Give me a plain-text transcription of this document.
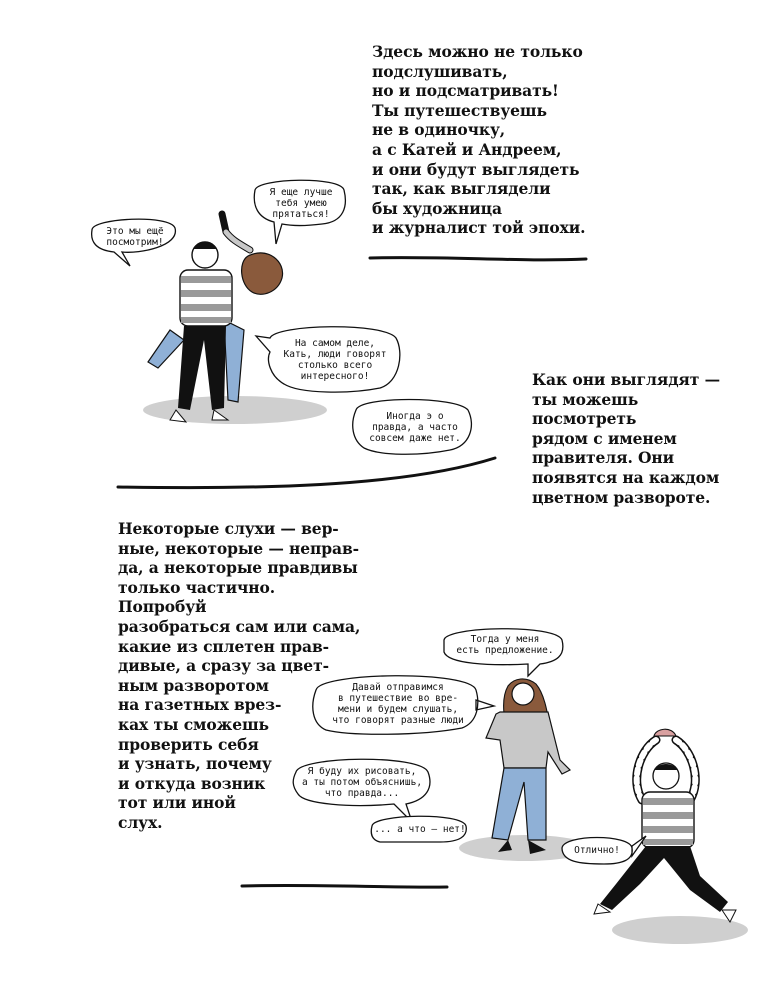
Здесь можно не только
подслушивать,
но и подсматривать!
Ты путешествуешь
не в одиночку,
а с Катей и Андреем,
и они будут выглядеть
так, как выглядели
бы художница
и журналист той эпохи.
Как они выглядят —
ты можешь
посмотреть
рядом с именем
правителя. Они
появятся на каждом
цветном развороте.
Некоторые слухи — вер-
ные, некоторые — неправ-
да, а некоторые правдивы
только частично. Попробуй
разобраться сам или сама,
какие из сплетен прав-
дивые, а сразу за цвет-
ным разворотом
на газетных врез-
ках ты сможешь
проверить себя
и узнать, почему
и откуда возник
тот или иной
слух.
Это мы ещё
посмотрим!
Я еще лучше
тебя умею
прятаться!
На самом деле,
Кать, люди говорят
столько всего
интересного!
Иногда э о
правда, а часто
совсем даже нет.
Тогда у меня
есть предложение.
Давай отправимся
в путешествие во вре-
мени и будем слушать,
что говорят разные люди
Я буду их рисовать,
а ты потом объяснишь,
что правда...
... а что – нет!
Отлично!
